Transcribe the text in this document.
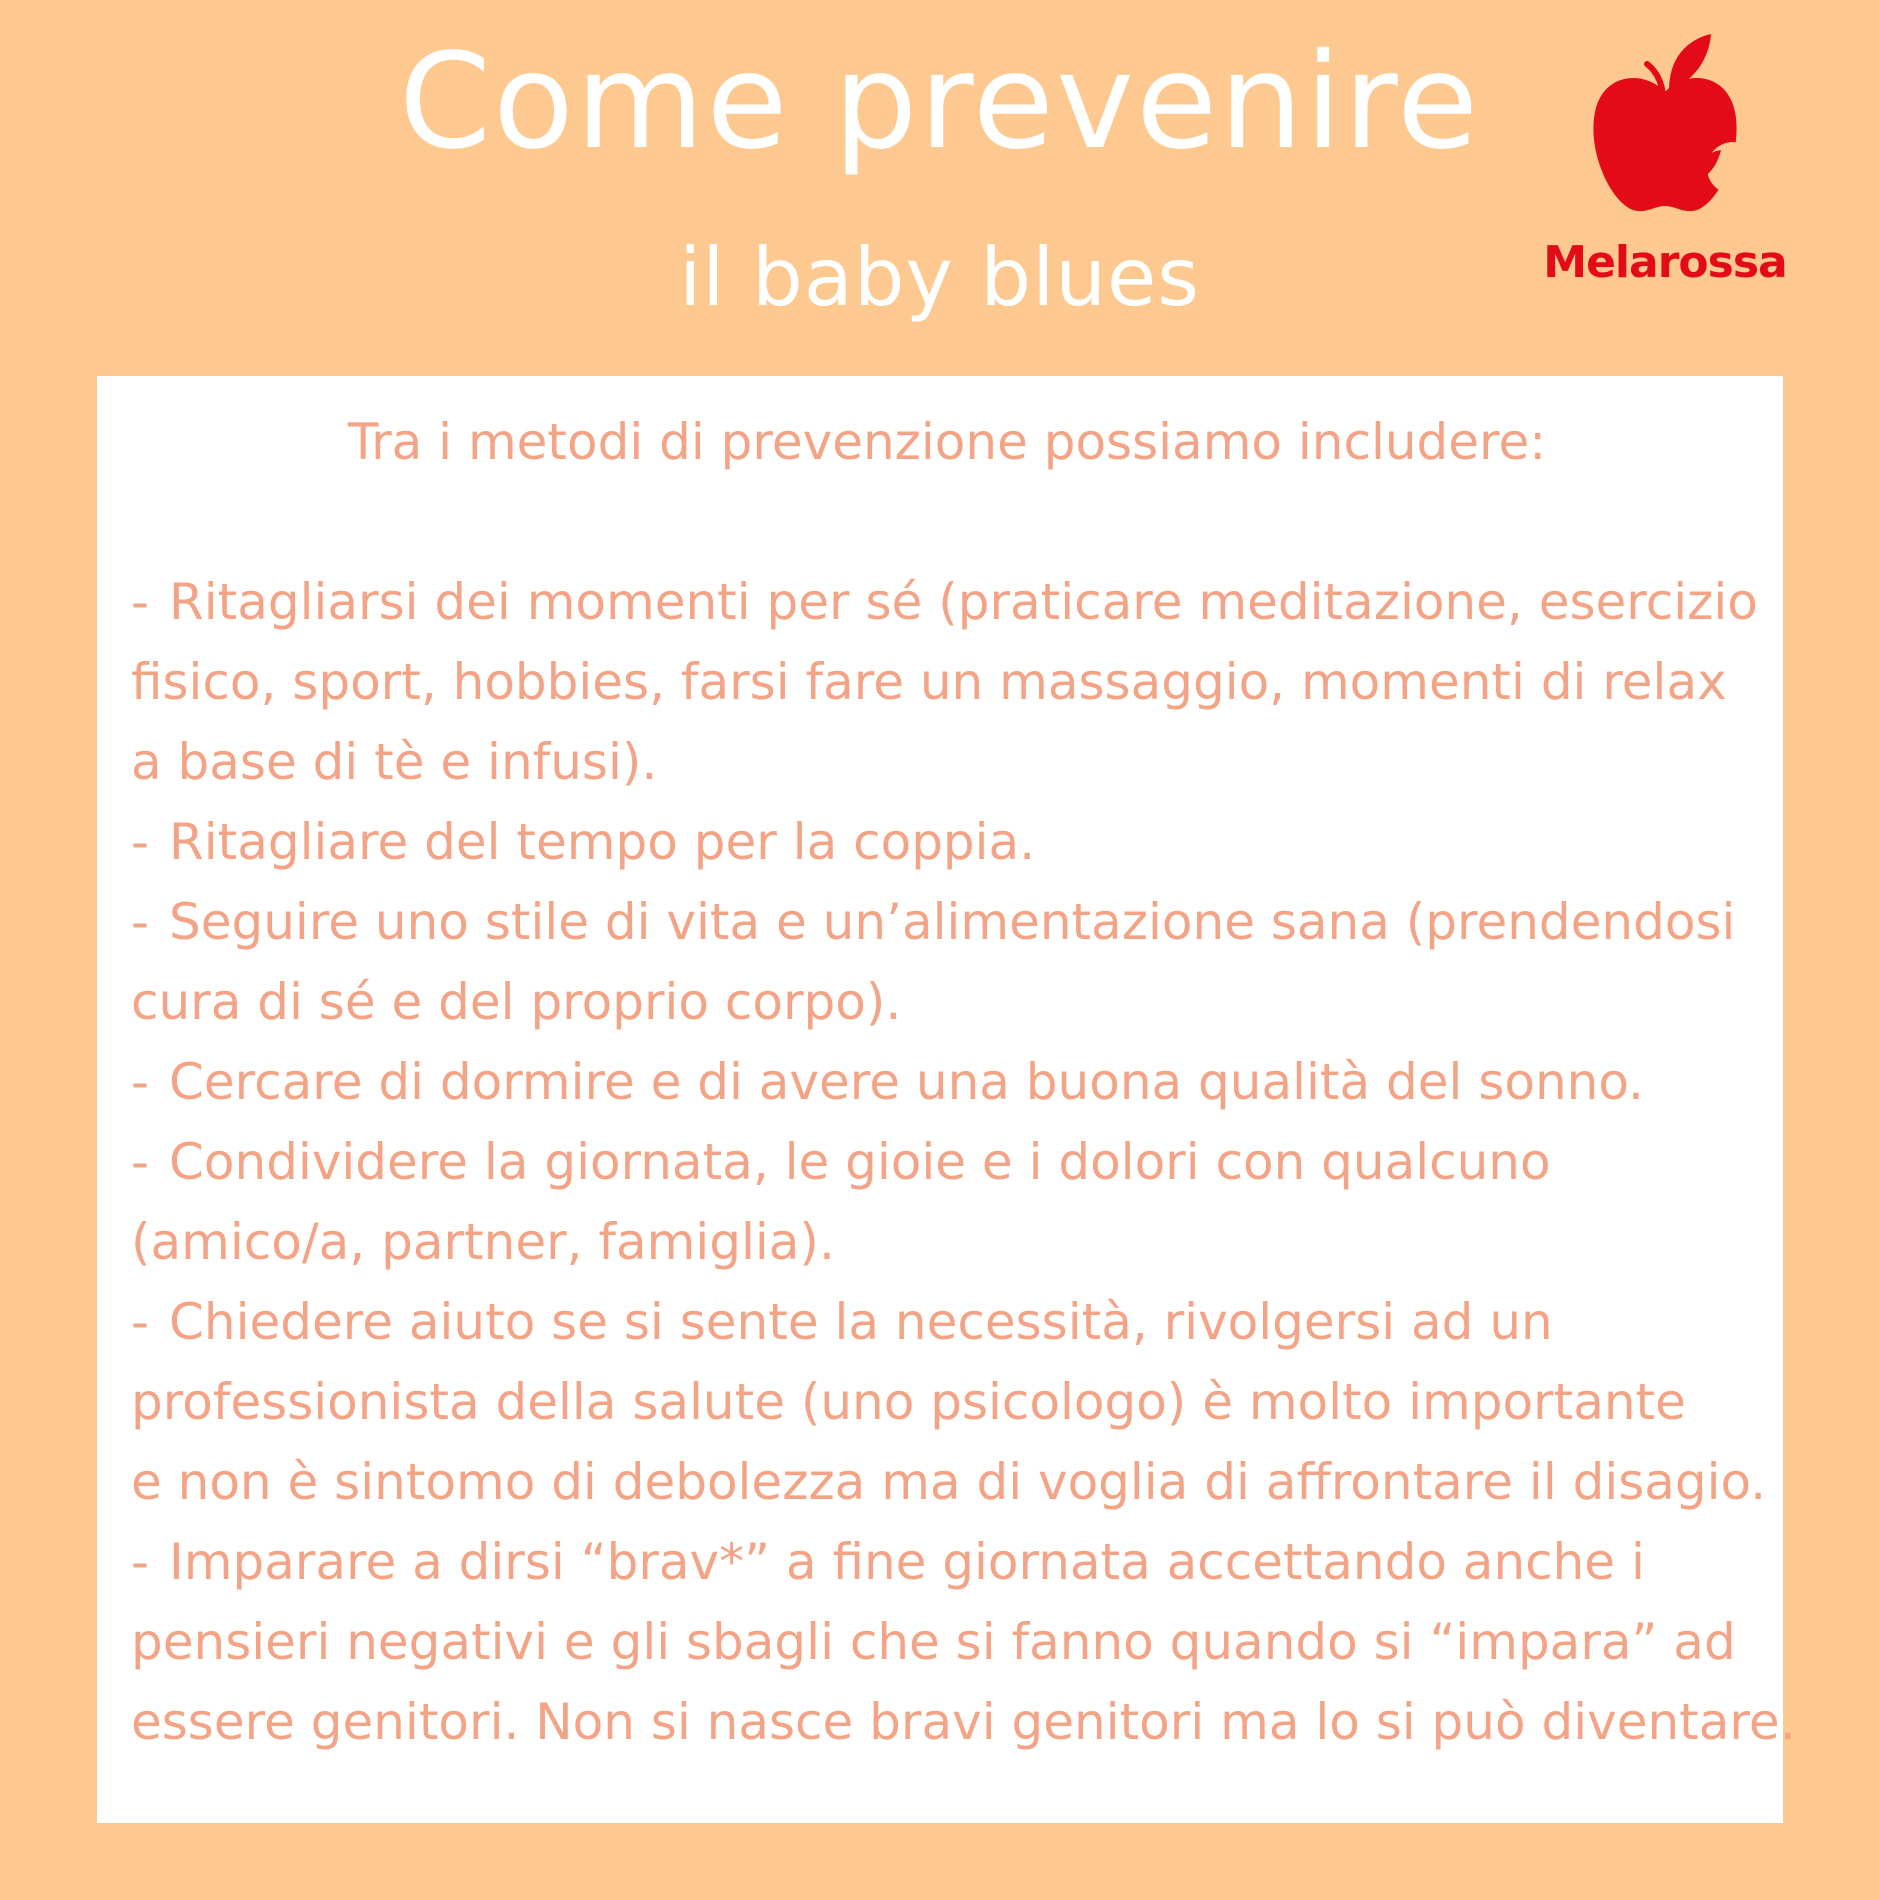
Come prevenire
il baby blues	Melarossa

Tra i metodi di prevenzione possiamo includere:

- Ritagliarsi dei momenti per sé (praticare meditazione, esercizio
fisico, sport, hobbies, farsi fare un massaggio, momenti di relax
a base di tè e infusi).
- Ritagliare del tempo per la coppia.
- Seguire uno stile di vita e un’alimentazione sana (prendendosi
cura di sé e del proprio corpo).
- Cercare di dormire e di avere una buona qualità del sonno.
- Condividere la giornata, le gioie e i dolori con qualcuno
(amico/a, partner, famiglia).
- Chiedere aiuto se si sente la necessità, rivolgersi ad un
professionista della salute (uno psicologo) è molto importante
e non è sintomo di debolezza ma di voglia di affrontare il disagio.
- Imparare a dirsi “brav*” a fine giornata accettando anche i
pensieri negativi e gli sbagli che si fanno quando si “impara” ad
essere genitori. Non si nasce bravi genitori ma lo si può diventare.
